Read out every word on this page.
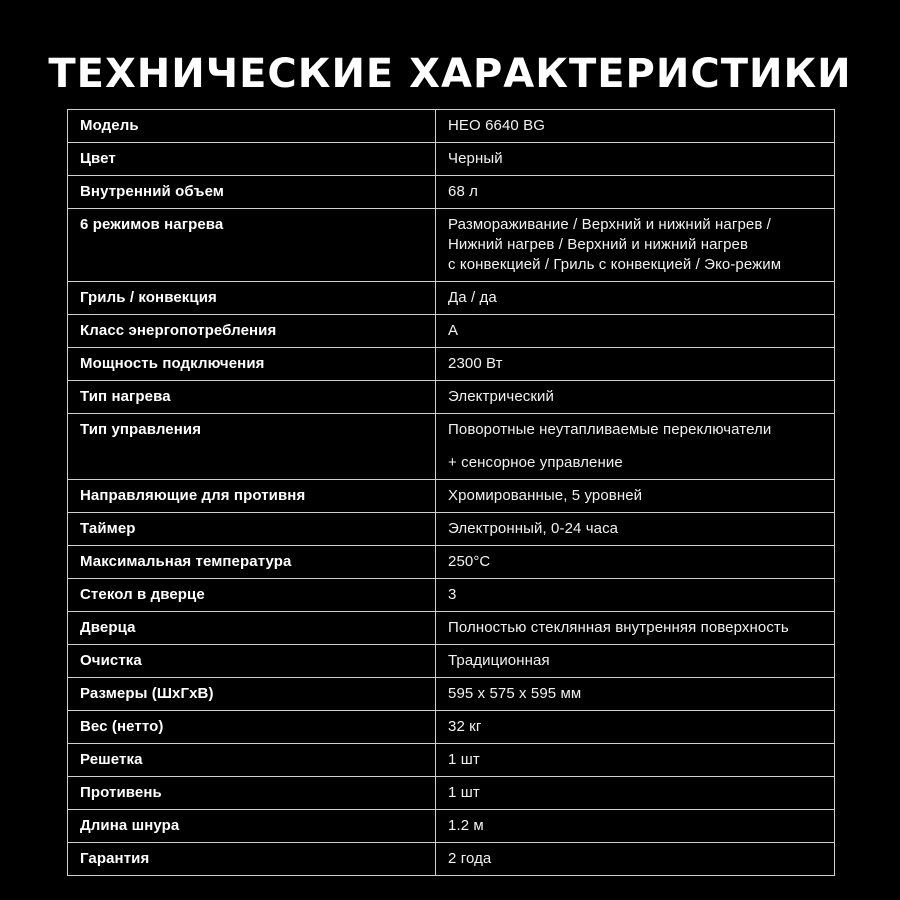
ТЕХНИЧЕСКИЕ ХАРАКТЕРИСТИКИ
Модель	HEO 6640 BG

Цвет	Черный

Внутренний объем	68 л

6 режимов нагрева	Размораживание / Верхний и нижний нагрев /
Нижний нагрев / Верхний и нижний нагрев
с конвекцией / Гриль с конвекцией / Эко-режим

Гриль / конвекция	Да / да

Класс энергопотребления	A

Мощность подключения	2300 Вт

Тип нагрева	Электрический

Тип управления	Поворотные неутапливаемые переключатели
+ сенсорное управление

Направляющие для противня	Хромированные, 5 уровней

Таймер	Электронный, 0-24 часа

Максимальная температура	250°C

Стекол в дверце	3

Дверца	Полностью стеклянная внутренняя поверхность

Очистка	Традиционная

Размеры (ШхГхВ)	595 x 575 x 595 мм

Вес (нетто)	32 кг

Решетка	1 шт

Противень	1 шт

Длина шнура	1.2 м

Гарантия	2 года
